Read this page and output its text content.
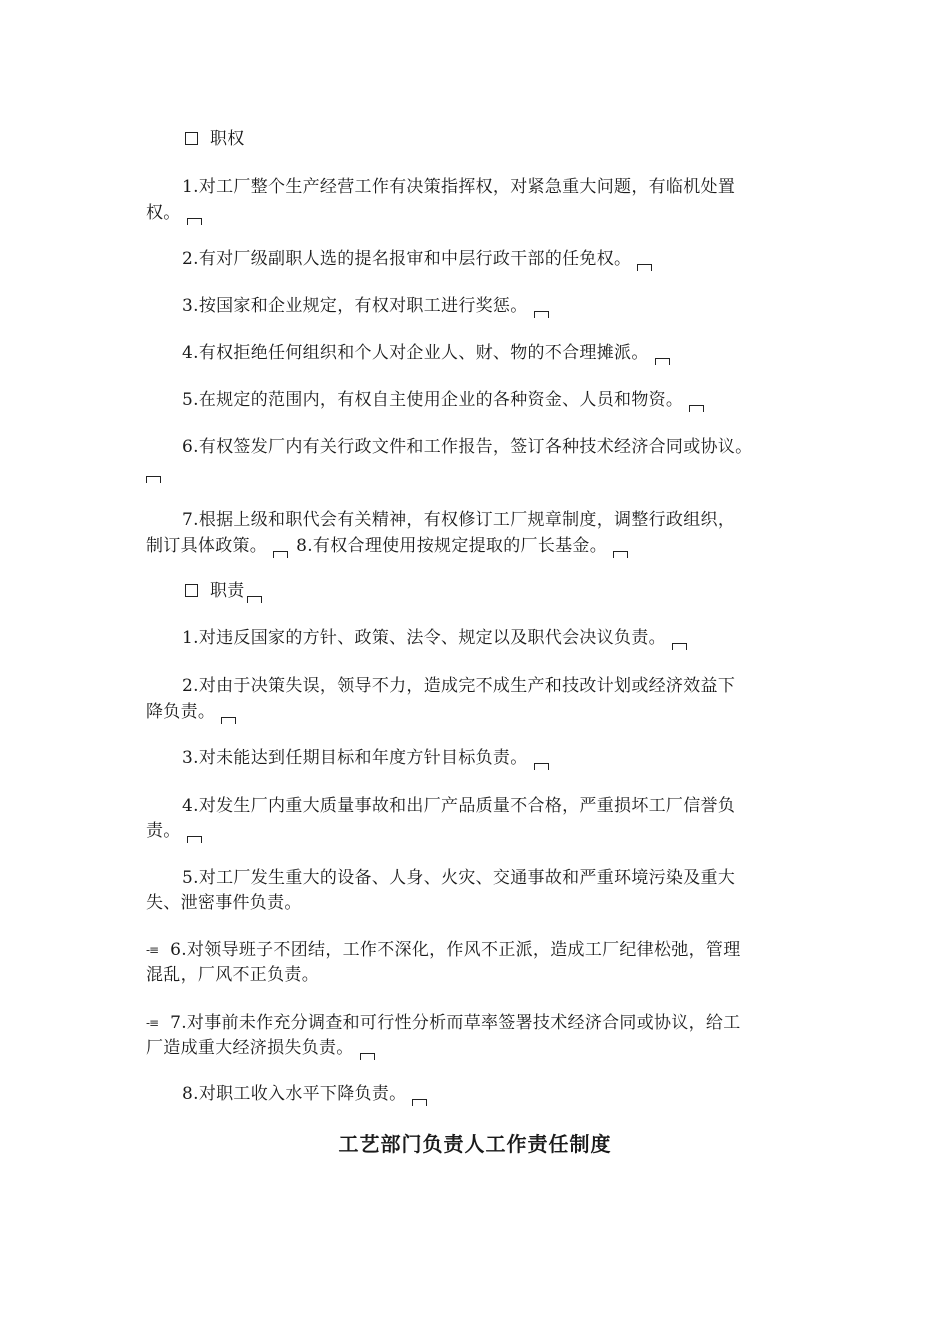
职权
1.对工厂整个生产经营工作有决策指挥权，对紧急重大问题，有临机处置
权。
2.有对厂级副职人选的提名报审和中层行政干部的任免权。
3.按国家和企业规定，有权对职工进行奖惩。
4.有权拒绝任何组织和个人对企业人、财、物的不合理摊派。
5.在规定的范围内，有权自主使用企业的各种资金、人员和物资。
6.有权签发厂内有关行政文件和工作报告，签订各种技术经济合同或协议。
7.根据上级和职代会有关精神，有权修订工厂规章制度，调整行政组织，
制订具体政策。 8.有权合理使用按规定提取的厂长基金。
职责
1.对违反国家的方针、政策、法令、规定以及职代会决议负责。
2.对由于决策失误，领导不力，造成完不成生产和技改计划或经济效益下
降负责。
3.对未能达到任期目标和年度方针目标负责。
4.对发生厂内重大质量事故和出厂产品质量不合格，严重损坏工厂信誉负
责。
5.对工厂发生重大的设备、人身、火灾、交通事故和严重环境污染及重大
失、泄密事件负责。
-≡ 6.对领导班子不团结，工作不深化，作风不正派，造成工厂纪律松弛，管理
混乱，厂风不正负责。
-≡ 7.对事前未作充分调查和可行性分析而草率签署技术经济合同或协议，给工
厂造成重大经济损失负责。
8.对职工收入水平下降负责。
工艺部门负责人工作责任制度
